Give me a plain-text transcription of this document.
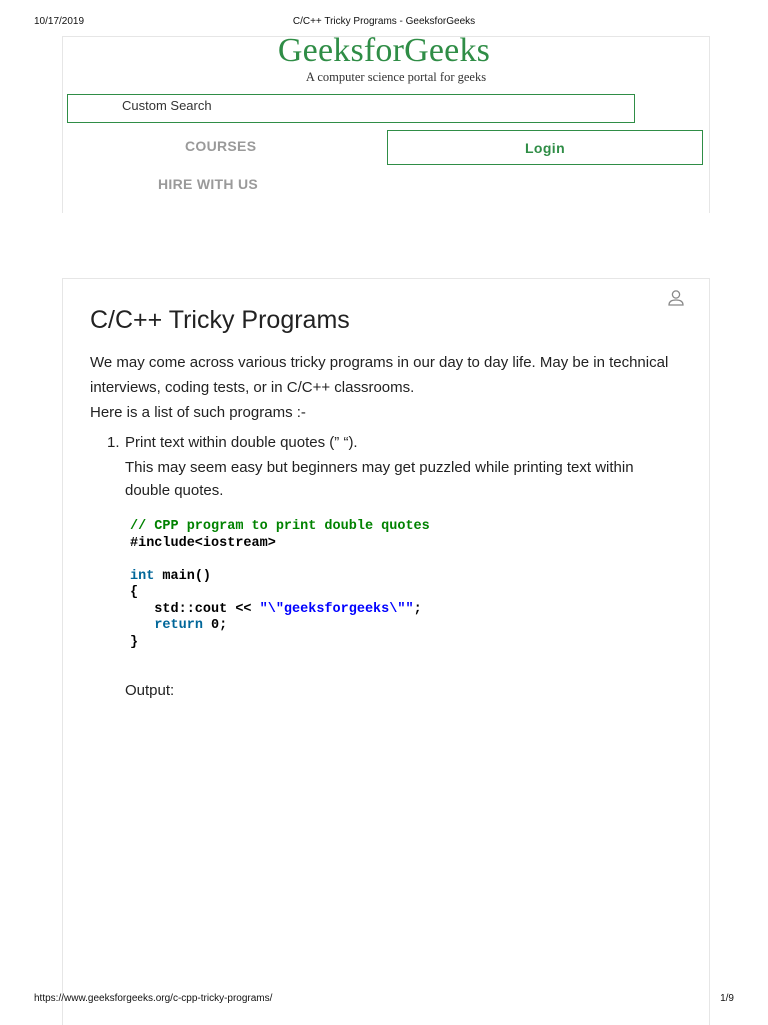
10/17/2019	C/C++ Tricky Programs - GeeksforGeeks
GeeksforGeeks
A computer science portal for geeks
Custom Search
COURSES
HIRE WITH US
Login
C/C++ Tricky Programs

We may come across various tricky programs in our day to day life. May be in technical interviews, coding tests, or in C/C++ classrooms.

Here is a list of such programs :-

1. Print text within double quotes (” “).
This may seem easy but beginners may get puzzled while printing text within double quotes.
// CPP program to print double quotes
#include<iostream>

int main()
{
std::cout << "\"geeksforgeeks\"";
return 0;
}
Output:
https://www.geeksforgeeks.org/c-cpp-tricky-programs/	1/9
